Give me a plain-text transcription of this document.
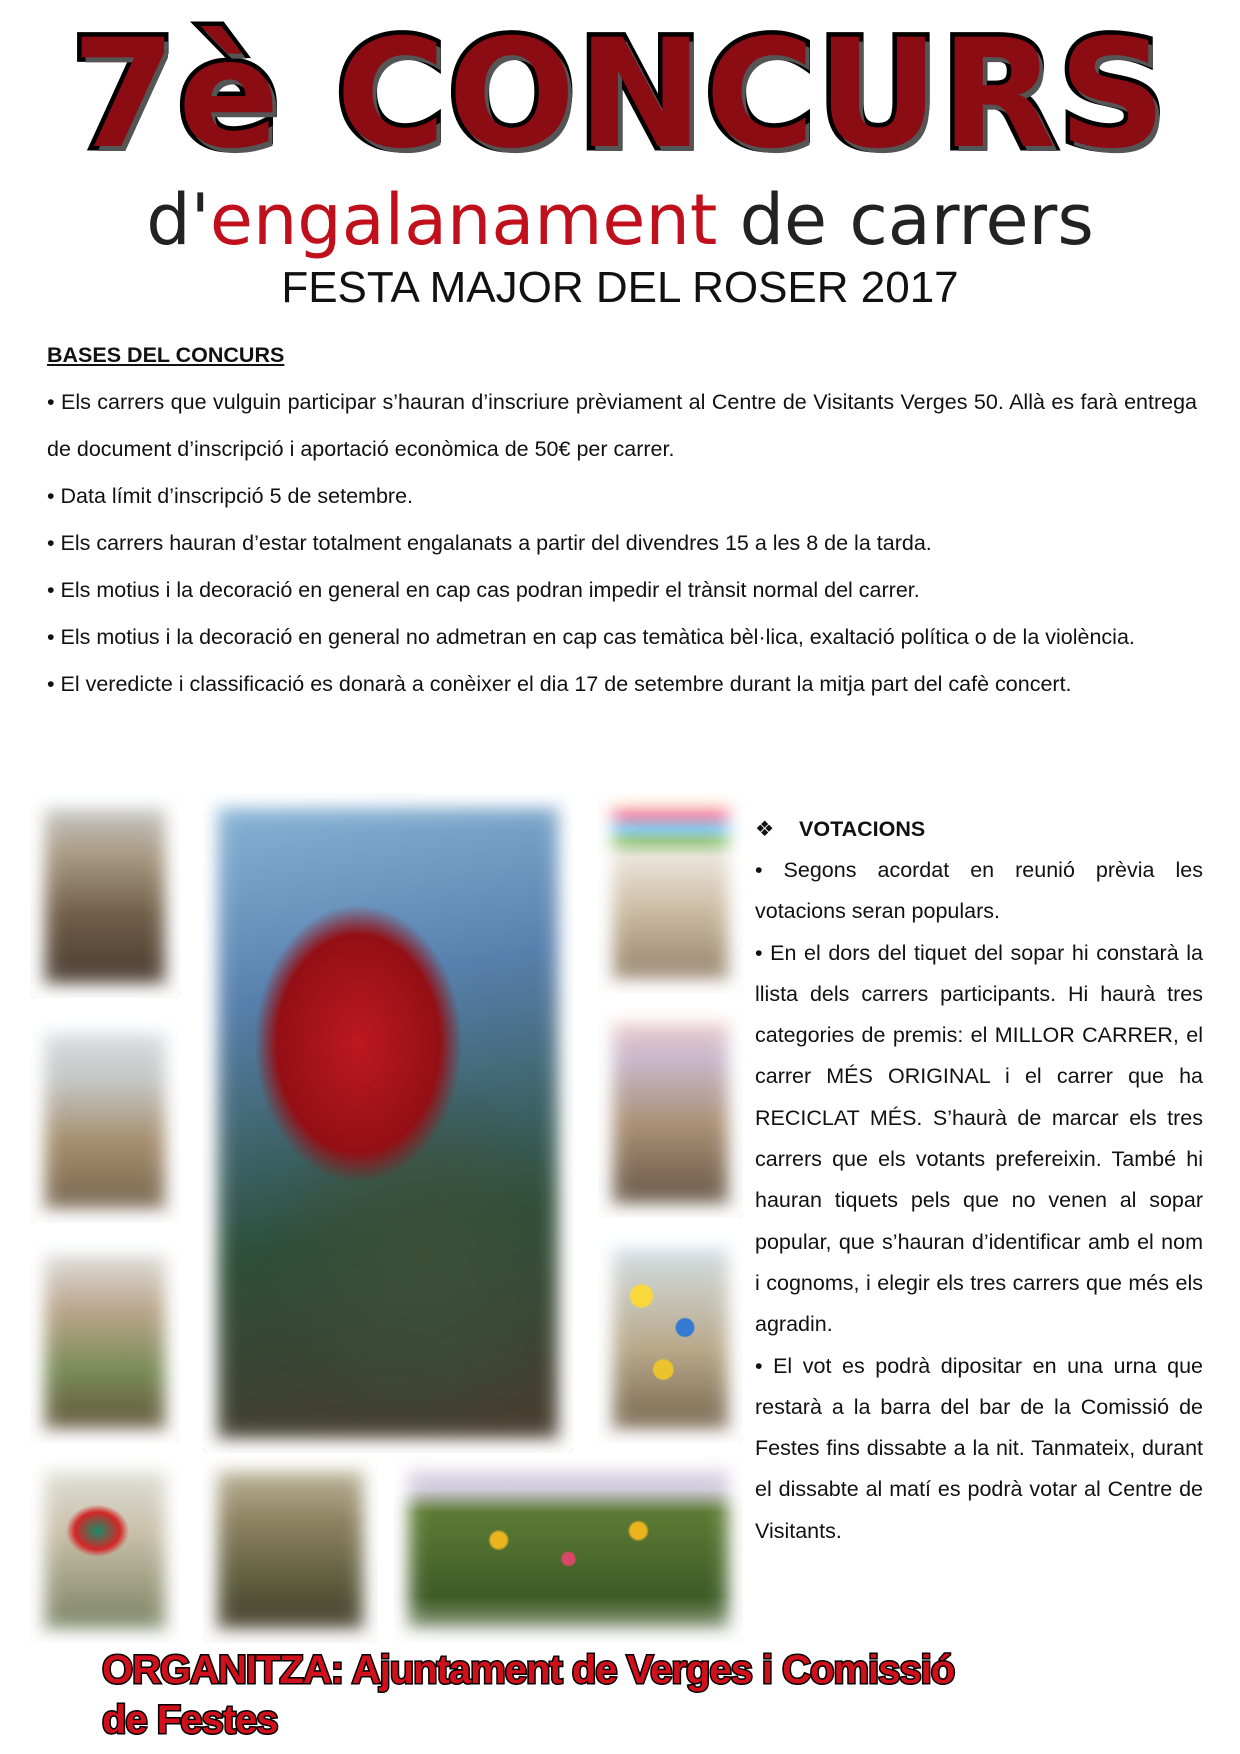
7è CONCURS
d'engalanament de carrers
FESTA MAJOR DEL ROSER 2017

BASES DEL CONCURS

• Els carrers que vulguin participar s’hauran d’inscriure prèviament al Centre de Visitants Verges 50. Allà es farà entrega de document d’inscripció i aportació econòmica de 50€ per carrer.

• Data límit d’inscripció 5 de setembre.

• Els carrers hauran d’estar totalment engalanats a partir del divendres 15 a les 8 de la tarda.

• Els motius i la decoració en general en cap cas podran impedir el trànsit normal del carrer.

• Els motius i la decoració en general no admetran en cap cas temàtica bèl·lica, exaltació política o de la violència.

• El veredicte i classificació es donarà a conèixer el dia 17 de setembre durant la mitja part del cafè concert.

❖ VOTACIONS

• Segons acordat en reunió prèvia les votacions seran populars.

• En el dors del tiquet del sopar hi constarà la llista dels carrers participants. Hi haurà tres categories de premis: el MILLOR CARRER, el carrer MÉS ORIGINAL i el carrer que ha RECICLAT MÉS. S’haurà de marcar els tres carrers que els votants prefereixin. També hi hauran tiquets pels que no venen al sopar popular, que s’hauran d’identificar amb el nom i cognoms, i elegir els tres carrers que més els agradin.

• El vot es podrà dipositar en una urna que restarà a la barra del bar de la Comissió de Festes fins dissabte a la nit. Tanmateix, durant el dissabte al matí es podrà votar al Centre de Visitants.

ORGANITZA: Ajuntament de Verges i Comissió de Festes
